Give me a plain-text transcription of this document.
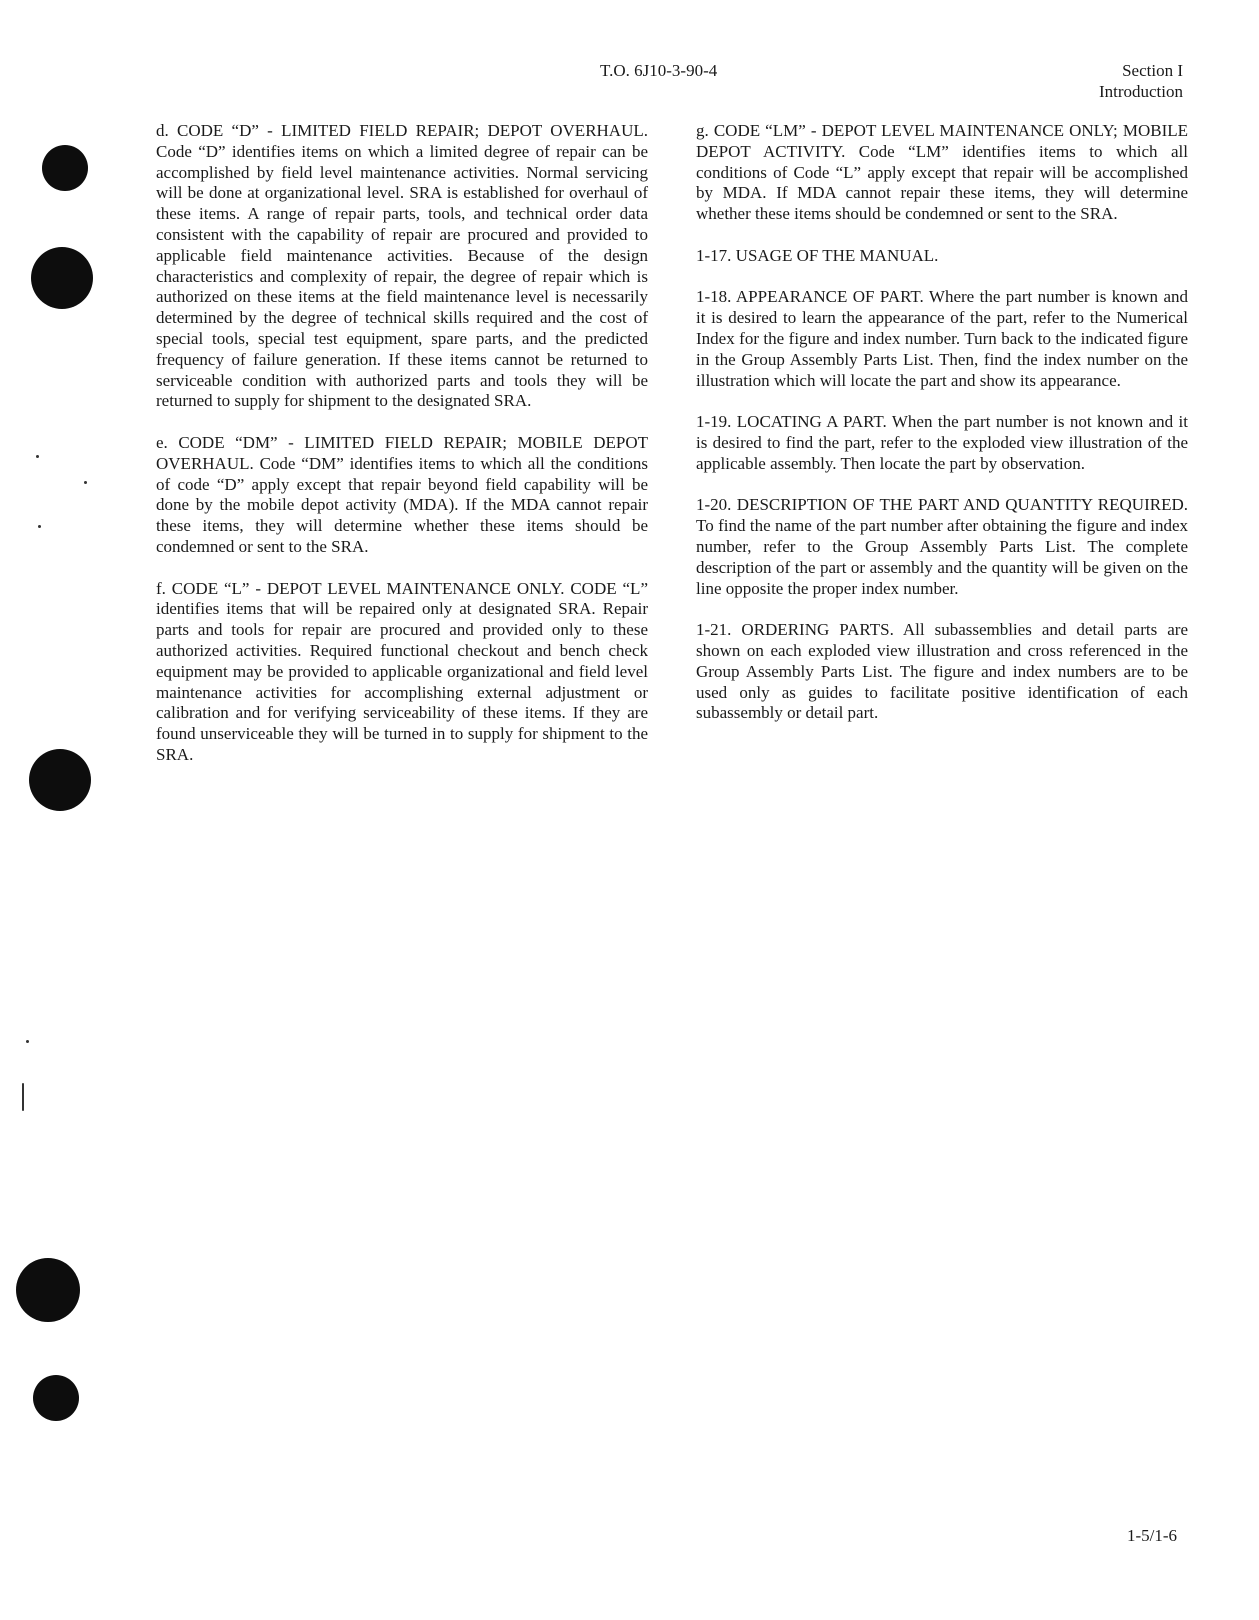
T.O. 6J10-3-90-4	Section I
Introduction

d. CODE “D” - LIMITED FIELD REPAIR; DEPOT OVERHAUL. Code “D” identifies items on which a limited degree of repair can be accomplished by field level maintenance activities. Normal servicing will be done at organizational level. SRA is established for overhaul of these items. A range of repair parts, tools, and technical order data consistent with the capability of repair are procured and provided to applicable field maintenance activities. Because of the design characteristics and complexity of repair, the degree of repair which is authorized on these items at the field maintenance level is necessarily determined by the degree of technical skills required and the cost of special tools, special test equipment, spare parts, and the predicted frequency of failure generation. If these items cannot be returned to serviceable condition with authorized parts and tools they will be returned to supply for shipment to the designated SRA.

e. CODE “DM” - LIMITED FIELD REPAIR; MOBILE DEPOT OVERHAUL. Code “DM” identifies items to which all the conditions of code “D” apply except that repair beyond field capability will be done by the mobile depot activity (MDA). If the MDA cannot repair these items, they will determine whether these items should be condemned or sent to the SRA.

f. CODE “L” - DEPOT LEVEL MAINTENANCE ONLY. CODE “L” identifies items that will be repaired only at designated SRA. Repair parts and tools for repair are procured and provided only to these authorized activities. Required functional checkout and bench check equipment may be provided to applicable organizational and field level maintenance activities for accomplishing external adjustment or calibration and for verifying serviceability of these items. If they are found unserviceable they will be turned in to supply for shipment to the SRA.

g. CODE “LM” - DEPOT LEVEL MAINTENANCE ONLY; MOBILE DEPOT ACTIVITY. Code “LM” identifies items to which all conditions of Code “L” apply except that repair will be accomplished by MDA. If MDA cannot repair these items, they will determine whether these items should be condemned or sent to the SRA.

1-17. USAGE OF THE MANUAL.

1-18. APPEARANCE OF PART. Where the part number is known and it is desired to learn the appearance of the part, refer to the Numerical Index for the figure and index number. Turn back to the indicated figure in the Group Assembly Parts List. Then, find the index number on the illustration which will locate the part and show its appearance.

1-19. LOCATING A PART. When the part number is not known and it is desired to find the part, refer to the exploded view illustration of the applicable assembly. Then locate the part by observation.

1-20. DESCRIPTION OF THE PART AND QUANTITY REQUIRED. To find the name of the part number after obtaining the figure and index number, refer to the Group Assembly Parts List. The complete description of the part or assembly and the quantity will be given on the line opposite the proper index number.

1-21. ORDERING PARTS. All subassemblies and detail parts are shown on each exploded view illustration and cross referenced in the Group Assembly Parts List. The figure and index numbers are to be used only as guides to facilitate positive identification of each subassembly or detail part.

1-5/1-6
